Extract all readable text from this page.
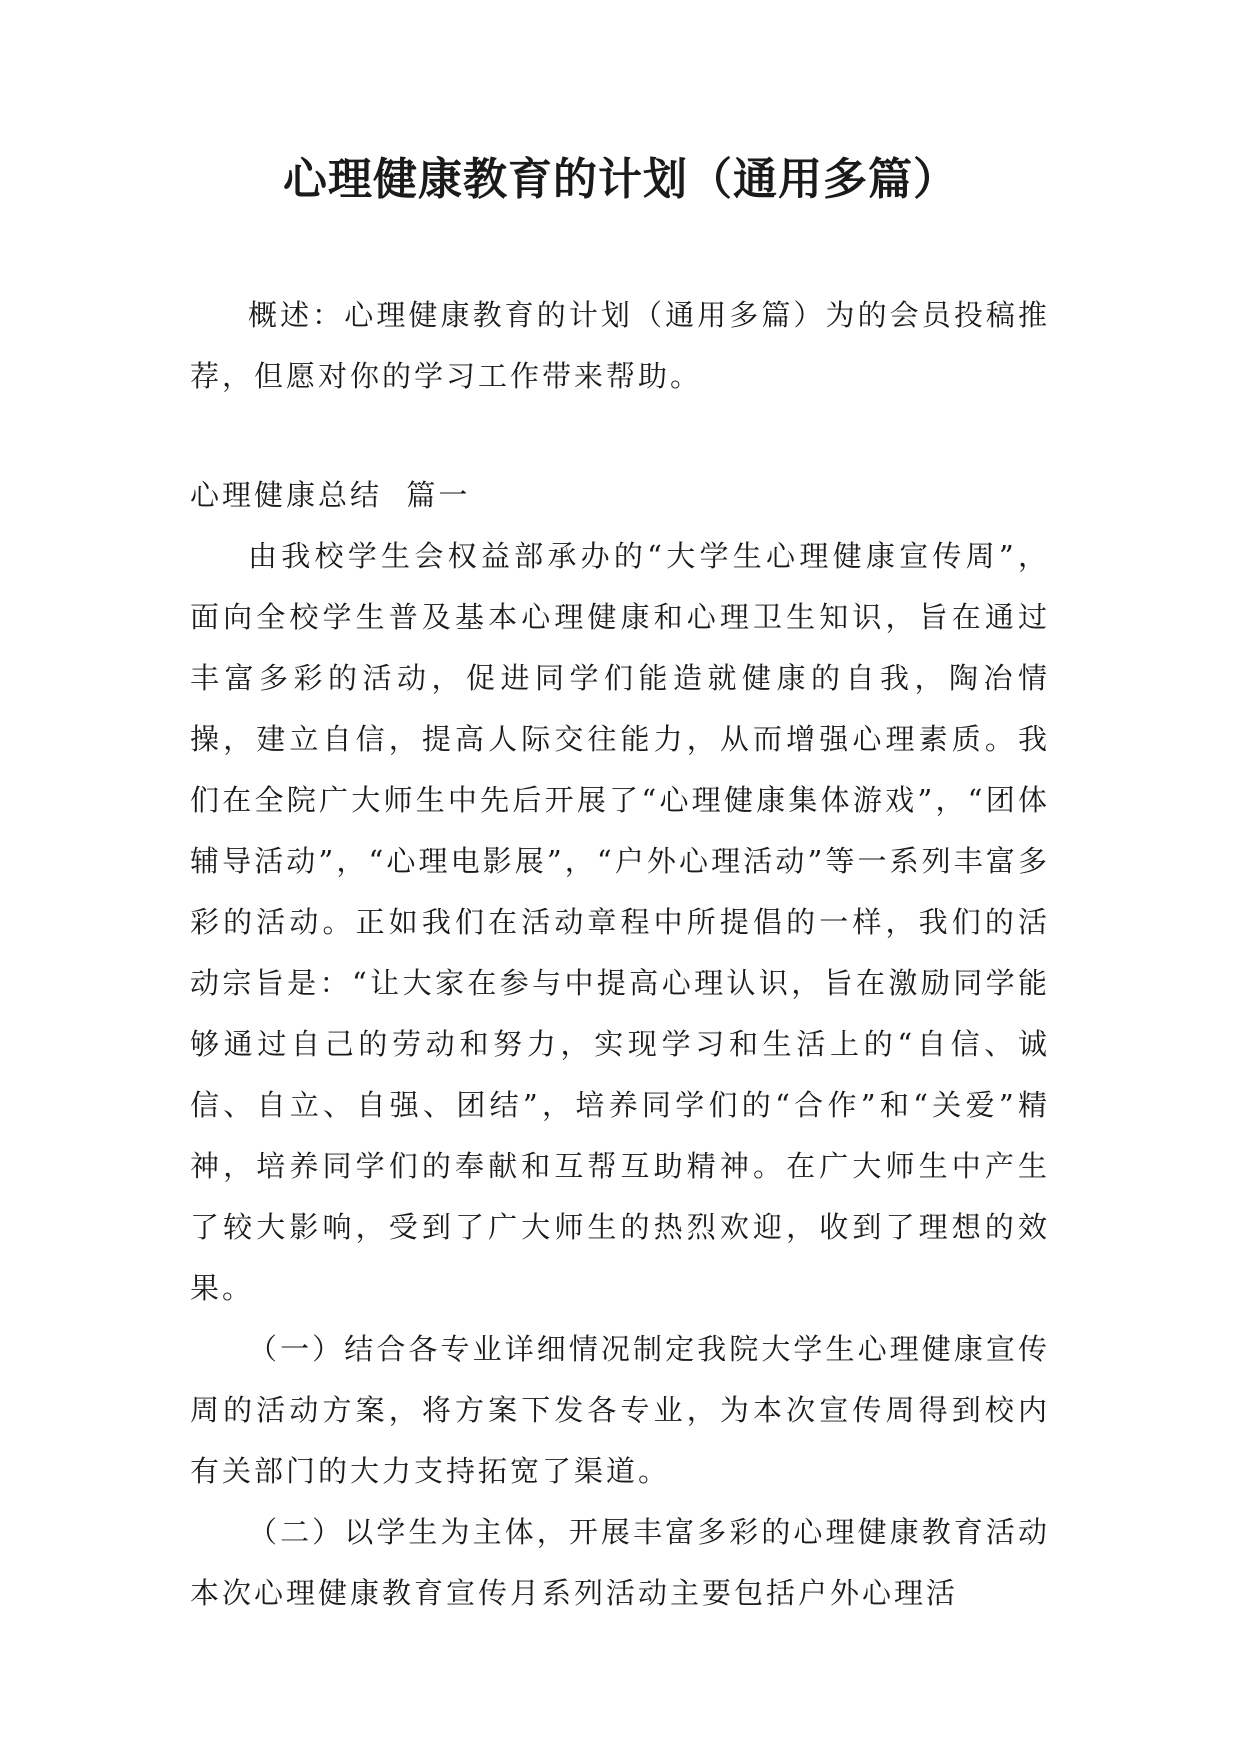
心理健康教育的计划（通用多篇）

概述：心理健康教育的计划（通用多篇）为的会员投稿推荐，但愿对你的学习工作带来帮助。

心理健康总结  篇一

由我校学生会权益部承办的“大学生心理健康宣传周”，面向全校学生普及基本心理健康和心理卫生知识，旨在通过丰富多彩的活动，促进同学们能造就健康的自我，陶冶情操，建立自信，提高人际交往能力，从而增强心理素质。我们在全院广大师生中先后开展了“心理健康集体游戏”，“团体辅导活动”，“心理电影展”，“户外心理活动”等一系列丰富多彩的活动。正如我们在活动章程中所提倡的一样，我们的活动宗旨是：“让大家在参与中提高心理认识，旨在激励同学能够通过自己的劳动和努力，实现学习和生活上的“自信、诚信、自立、自强、团结”，培养同学们的“合作”和“关爱”精神，培养同学们的奉献和互帮互助精神。在广大师生中产生了较大影响，受到了广大师生的热烈欢迎，收到了理想的效果。

（一）结合各专业详细情况制定我院大学生心理健康宣传周的活动方案，将方案下发各专业，为本次宣传周得到校内有关部门的大力支持拓宽了渠道。

（二）以学生为主体，开展丰富多彩的心理健康教育活动本次心理健康教育宣传月系列活动主要包括户外心理活
